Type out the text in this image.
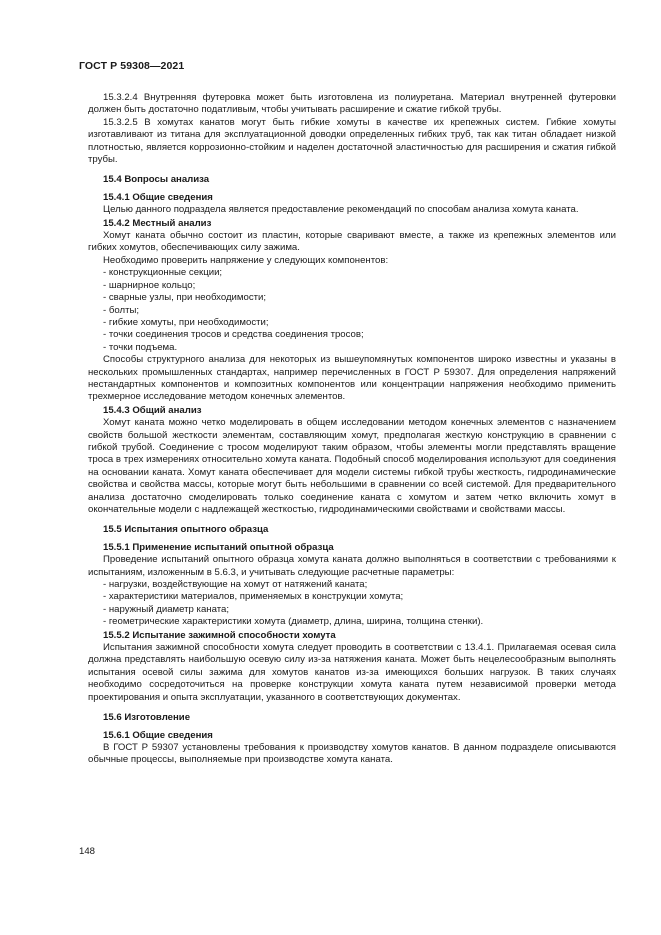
ГОСТ Р 59308—2021

15.3.2.4 Внутренняя футеровка может быть изготовлена из полиуретана. Материал внутренней футеровки должен быть достаточно податливым, чтобы учитывать расширение и сжатие гибкой трубы.

15.3.2.5 В хомутах канатов могут быть гибкие хомуты в качестве их крепежных систем. Гибкие хомуты изготавливают из титана для эксплуатационной доводки определенных гибких труб, так как титан обладает низкой плотностью, является коррозионно-стойким и наделен достаточной эластичностью для расширения и сжатия гибкой трубы.

15.4 Вопросы анализа

15.4.1 Общие сведения

Целью данного подраздела является предоставление рекомендаций по способам анализа хомута каната.

15.4.2 Местный анализ

Хомут каната обычно состоит из пластин, которые сваривают вместе, а также из крепежных элементов или гибких хомутов, обеспечивающих силу зажима.

Необходимо проверить напряжение у следующих компонентов:

- конструкционные секции;

- шарнирное кольцо;

- сварные узлы, при необходимости;

- болты;

- гибкие хомуты, при необходимости;

- точки соединения тросов и средства соединения тросов;

- точки подъема.

Способы структурного анализа для некоторых из вышеупомянутых компонентов широко известны и указаны в нескольких промышленных стандартах, например перечисленных в ГОСТ Р 59307. Для определения напряжений нестандартных компонентов и композитных компонентов или концентрации напряжения необходимо применить трехмерное исследование методом конечных элементов.

15.4.3 Общий анализ

Хомут каната можно четко моделировать в общем исследовании методом конечных элементов с назначением свойств большой жесткости элементам, составляющим хомут, предполагая жесткую конструкцию в сравнении с гибкой трубой. Соединение с тросом моделируют таким образом, чтобы элементы могли представлять вращение троса в трех измерениях относительно хомута каната. Подобный способ моделирования используют для соединения на основании каната. Хомут каната обеспечивает для модели системы гибкой трубы жесткость, гидродинамические свойства и свойства массы, которые могут быть небольшими в сравнении со всей системой. Для предварительного анализа достаточно смоделировать только соединение каната с хомутом и затем четко включить хомут в окончательные модели с надлежащей жесткостью, гидродинамическими свойствами и свойствами массы.

15.5 Испытания опытного образца

15.5.1 Применение испытаний опытной образца

Проведение испытаний опытного образца хомута каната должно выполняться в соответствии с требованиями к испытаниям, изложенным в 5.6.3, и учитывать следующие расчетные параметры:

- нагрузки, воздействующие на хомут от натяжений каната;

- характеристики материалов, применяемых в конструкции хомута;

- наружный диаметр каната;

- геометрические характеристики хомута (диаметр, длина, ширина, толщина стенки).

15.5.2 Испытание зажимной способности хомута

Испытания зажимной способности хомута следует проводить в соответствии с 13.4.1. Прилагаемая осевая сила должна представлять наибольшую осевую силу из-за натяжения каната. Может быть нецелесообразным выполнять испытания осевой силы зажима для хомутов канатов из-за имеющихся больших нагрузок. В таких случаях необходимо сосредоточиться на проверке конструкции хомута каната путем независимой проверки метода проектирования и опыта эксплуатации, указанного в соответствующих документах.

15.6 Изготовление

15.6.1 Общие сведения

В ГОСТ Р 59307 установлены требования к производству хомутов канатов. В данном подразделе описываются обычные процессы, выполняемые при производстве хомута каната.

148
